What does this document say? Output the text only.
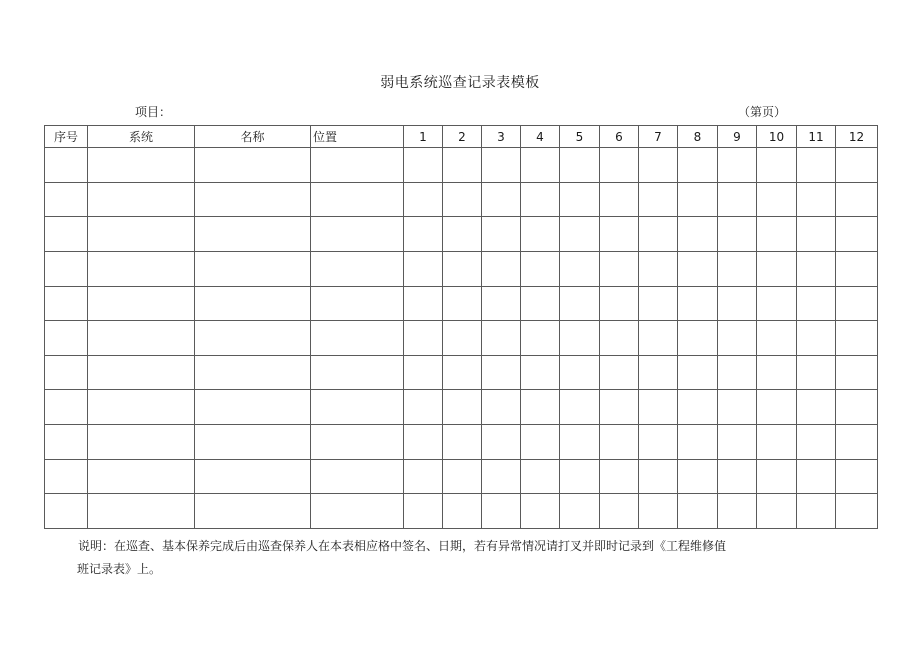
弱电系统巡查记录表模板
项目：	（第页）
序号	系统	名称	位置	1	2	3	4	5	6	7	8	9	10	11	12

说明：在巡查、基本保养完成后由巡查保养人在本表相应格中签名、日期，若有异常情况请打叉并即时记录到《工程维修值
班记录表》上。
